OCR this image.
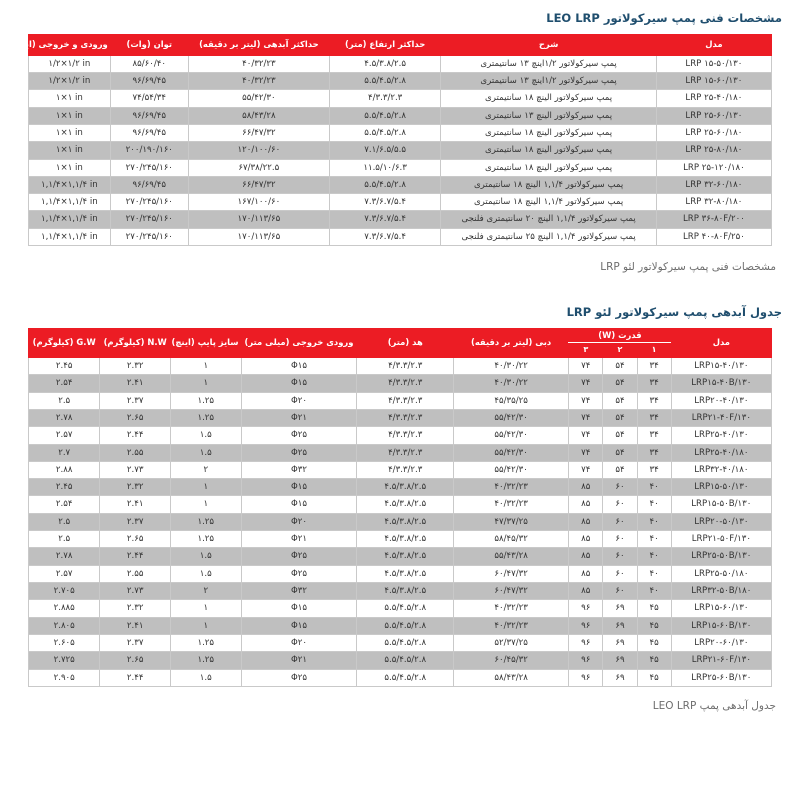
مشخصات فنی پمپ سیرکولاتور LEO LRP
مدل	شرح	حداکثر ارتفاع (متر)	حداکثر آبدهی (لیتر بر دقیقه)	توان (وات)	ورودی و خروجی (اینچ)
LRP ۱۵-۵۰/۱۳۰	پمپ سیرکولاتور ۱/۲اینچ ۱۳ سانتیمتری	۴.۵/۳.۸/۲.۵	۴۰/۳۲/۲۳	۸۵/۶۰/۴۰	۱/۲×۱/۲ in
LRP ۱۵-۶۰/۱۳۰	پمپ سیرکولاتور ۱/۲اینچ ۱۳ سانتیمتری	۵.۵/۴.۵/۲.۸	۴۰/۳۲/۲۳	۹۶/۶۹/۴۵	۱/۲×۱/۲ in
LRP ۲۵-۴۰/۱۸۰	پمپ سیرکولاتور الینچ ۱۸ سانتیمتری	۴/۳.۳/۲.۳	۵۵/۴۲/۳۰	۷۴/۵۴/۳۴	۱×۱ in
LRP ۲۵-۶۰/۱۳۰	پمپ سیرکولاتور الینچ ۱۳ سانتیمتری	۵.۵/۴.۵/۲.۸	۵۸/۴۳/۲۸	۹۶/۶۹/۴۵	۱×۱ in
LRP ۲۵-۶۰/۱۸۰	پمپ سیرکولاتور الینچ ۱۸ سانتیمتری	۵.۵/۴.۵/۲.۸	۶۶/۴۷/۳۲	۹۶/۶۹/۴۵	۱×۱ in
LRP ۲۵-۸۰/۱۸۰	پمپ سیرکولاتور الینچ ۱۸ سانتیمتری	۷.۱/۶.۵/۵.۵	۱۲۰/۱۰۰/۶۰	۲۰۰/۱۹۰/۱۶۰	۱×۱ in
LRP ۲۵-۱۲۰/۱۸۰	پمپ سیرکولاتور الینچ ۱۸ سانتیمتری	۱۱.۵/۱۰/۶.۳	۶۷/۳۸/۲۲.۵	۲۷۰/۲۴۵/۱۶۰	۱×۱ in
LRP ۳۲-۶۰/۱۸۰	پمپ سیرکولاتور ۱,۱/۴ الینچ ۱۸ سانتیمتری	۵.۵/۴.۵/۲.۸	۶۶/۴۷/۳۲	۹۶/۶۹/۴۵	۱,۱/۴×۱,۱/۴ in
LRP ۳۲-۸۰/۱۸۰	پمپ سیرکولاتور ۱,۱/۴ الینچ ۱۸ سانتیمتری	۷.۳/۶.۷/۵.۴	۱۶۷/۱۰۰/۶۰	۲۷۰/۲۴۵/۱۶۰	۱,۱/۴×۱,۱/۴ in
LRP ۳۶-۸۰F/۲۰۰	پمپ سیرکولاتور ۱,۱/۴ الینچ ۲۰ سانتیمتری فلنجی	۷.۳/۶.۷/۵.۴	۱۷۰/۱۱۳/۶۵	۲۷۰/۲۴۵/۱۶۰	۱,۱/۴×۱,۱/۴ in
LRP ۴۰-۸۰F/۲۵۰	پمپ سیرکولاتور ۱,۱/۴ الینچ ۲۵ سانتیمتری فلنجی	۷.۳/۶.۷/۵.۴	۱۷۰/۱۱۳/۶۵	۲۷۰/۲۴۵/۱۶۰	۱,۱/۴×۱,۱/۴ in
مشخصات فنی پمپ سیرکولاتور لئو LRP
جدول آبدهی پمپ سیرکولاتور لئو LRP
مدل	قدرت (W)			دبی (لیتر بر دقیقه)	هد (متر)	ورودی خروجی (میلی متر)	سایز پایپ (اینچ)	N.W (کیلوگرم)	G.W (کیلوگرم)
	۱	۲	۳						
LRP۱۵-۴۰/۱۳۰	۳۴	۵۴	۷۴	۴۰/۳۰/۲۲	۴/۳.۳/۲.۳	Φ۱۵	۱	۲.۳۲	۲.۴۵
LRP۱۵-۴۰B/۱۳۰	۳۴	۵۴	۷۴	۴۰/۳۰/۲۲	۴/۳.۳/۲.۳	Φ۱۵	۱	۲.۴۱	۲.۵۴
LRP۲۰-۴۰/۱۳۰	۳۴	۵۴	۷۴	۴۵/۳۵/۲۵	۴/۳.۳/۲.۳	Φ۲۰	۱.۲۵	۲.۳۷	۲.۵
LRP۲۱-۴۰F/۱۳۰	۳۴	۵۴	۷۴	۵۵/۴۲/۳۰	۴/۳.۳/۲.۳	Φ۲۱	۱.۲۵	۲.۶۵	۲.۷۸
LRP۲۵-۴۰/۱۳۰	۳۴	۵۴	۷۴	۵۵/۴۲/۳۰	۴/۳.۳/۲.۳	Φ۲۵	۱.۵	۲.۴۴	۲.۵۷
LRP۲۵-۴۰/۱۸۰	۳۴	۵۴	۷۴	۵۵/۴۲/۳۰	۴/۳.۳/۲.۳	Φ۲۵	۱.۵	۲.۵۵	۲.۷
LRP۳۲-۴۰/۱۸۰	۳۴	۵۴	۷۴	۵۵/۴۲/۳۰	۴/۳.۳/۲.۳	Φ۳۲	۲	۲.۷۳	۲.۸۸
LRP۱۵-۵۰/۱۳۰	۴۰	۶۰	۸۵	۴۰/۳۲/۲۳	۴.۵/۳.۸/۲.۵	Φ۱۵	۱	۲.۳۲	۲.۴۵
LRP۱۵-۵۰B/۱۳۰	۴۰	۶۰	۸۵	۴۰/۳۲/۲۳	۴.۵/۳.۸/۲.۵	Φ۱۵	۱	۲.۴۱	۲.۵۴
LRP۲۰-۵۰/۱۳۰	۴۰	۶۰	۸۵	۴۷/۳۷/۲۵	۴.۵/۳.۸/۲.۵	Φ۲۰	۱.۲۵	۲.۳۷	۲.۵
LRP۲۱-۵۰F/۱۳۰	۴۰	۶۰	۸۵	۵۸/۴۵/۳۲	۴.۵/۳.۸/۲.۵	Φ۲۱	۱.۲۵	۲.۶۵	۲.۵
LRP۲۵-۵۰B/۱۳۰	۴۰	۶۰	۸۵	۵۵/۴۳/۲۸	۴.۵/۳.۸/۲.۵	Φ۲۵	۱.۵	۲.۴۴	۲.۷۸
LRP۲۵-۵۰/۱۸۰	۴۰	۶۰	۸۵	۶۰/۴۷/۳۲	۴.۵/۳.۸/۲.۵	Φ۲۵	۱.۵	۲.۵۵	۲.۵۷
LRP۳۲-۵۰B/۱۸۰	۴۰	۶۰	۸۵	۶۰/۴۷/۳۲	۴.۵/۳.۸/۲.۵	Φ۳۲	۲	۲.۷۳	۲.۷۰۵
LRP۱۵-۶۰/۱۳۰	۴۵	۶۹	۹۶	۴۰/۳۲/۲۳	۵.۵/۴.۵/۲.۸	Φ۱۵	۱	۲.۳۲	۲.۸۸۵
LRP۱۵-۶۰B/۱۳۰	۴۵	۶۹	۹۶	۴۰/۳۲/۲۳	۵.۵/۴.۵/۲.۸	Φ۱۵	۱	۲.۴۱	۲.۸۰۵
LRP۲۰-۶۰/۱۳۰	۴۵	۶۹	۹۶	۵۲/۳۷/۲۵	۵.۵/۴.۵/۲.۸	Φ۲۰	۱.۲۵	۲.۳۷	۲.۶۰۵
LRP۲۱-۶۰F/۱۳۰	۴۵	۶۹	۹۶	۶۰/۴۵/۳۲	۵.۵/۴.۵/۲.۸	Φ۲۱	۱.۲۵	۲.۶۵	۲.۷۲۵
LRP۲۵-۶۰B/۱۳۰	۴۵	۶۹	۹۶	۵۸/۴۳/۲۸	۵.۵/۴.۵/۲.۸	Φ۲۵	۱.۵	۲.۴۴	۲.۹۰۵
جدول آبدهی پمپ LEO LRP
